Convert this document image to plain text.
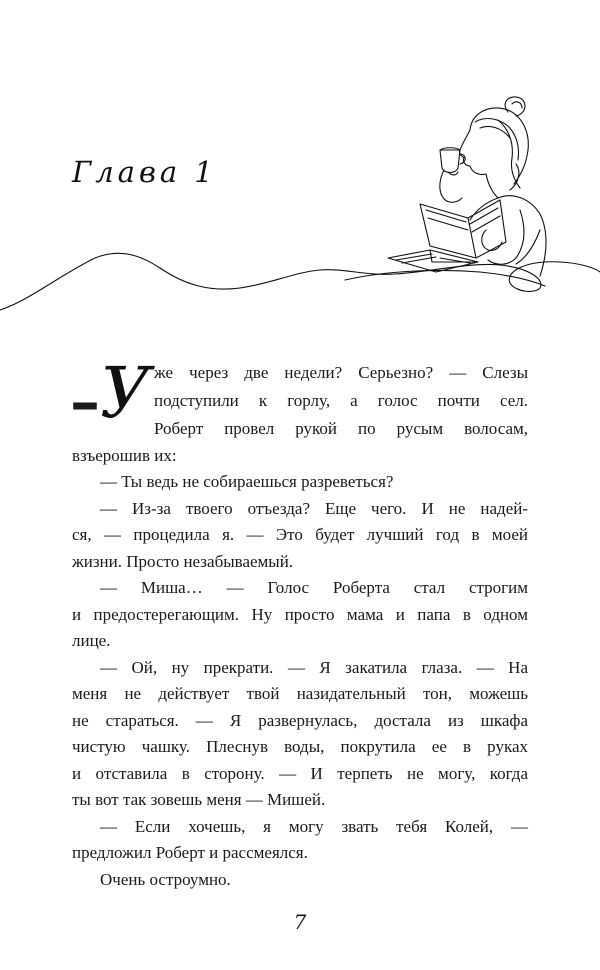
Глава 1
– У же через две недели? Серьезно? — Слезы
подступили к горлу, а голос почти сел.
Роберт провел рукой по русым волосам,
взъерошив их:
— Ты ведь не собираешься разреветься?
— Из-за твоего отъезда? Еще чего. И не надей-
ся, — процедила я. — Это будет лучший год в моей
жизни. Просто незабываемый.
— Миша… — Голос Роберта стал строгим
и предостерегающим. Ну просто мама и папа в одном
лице.
— Ой, ну прекрати. — Я закатила глаза. — На
меня не действует твой назидательный тон, можешь
не стараться. — Я развернулась, достала из шкафа
чистую чашку. Плеснув воды, покрутила ее в руках
и отставила в сторону. — И терпеть не могу, когда
ты вот так зовешь меня — Мишей.
— Если хочешь, я могу звать тебя Колей, —
предложил Роберт и рассмеялся.
Очень остроумно.
7
